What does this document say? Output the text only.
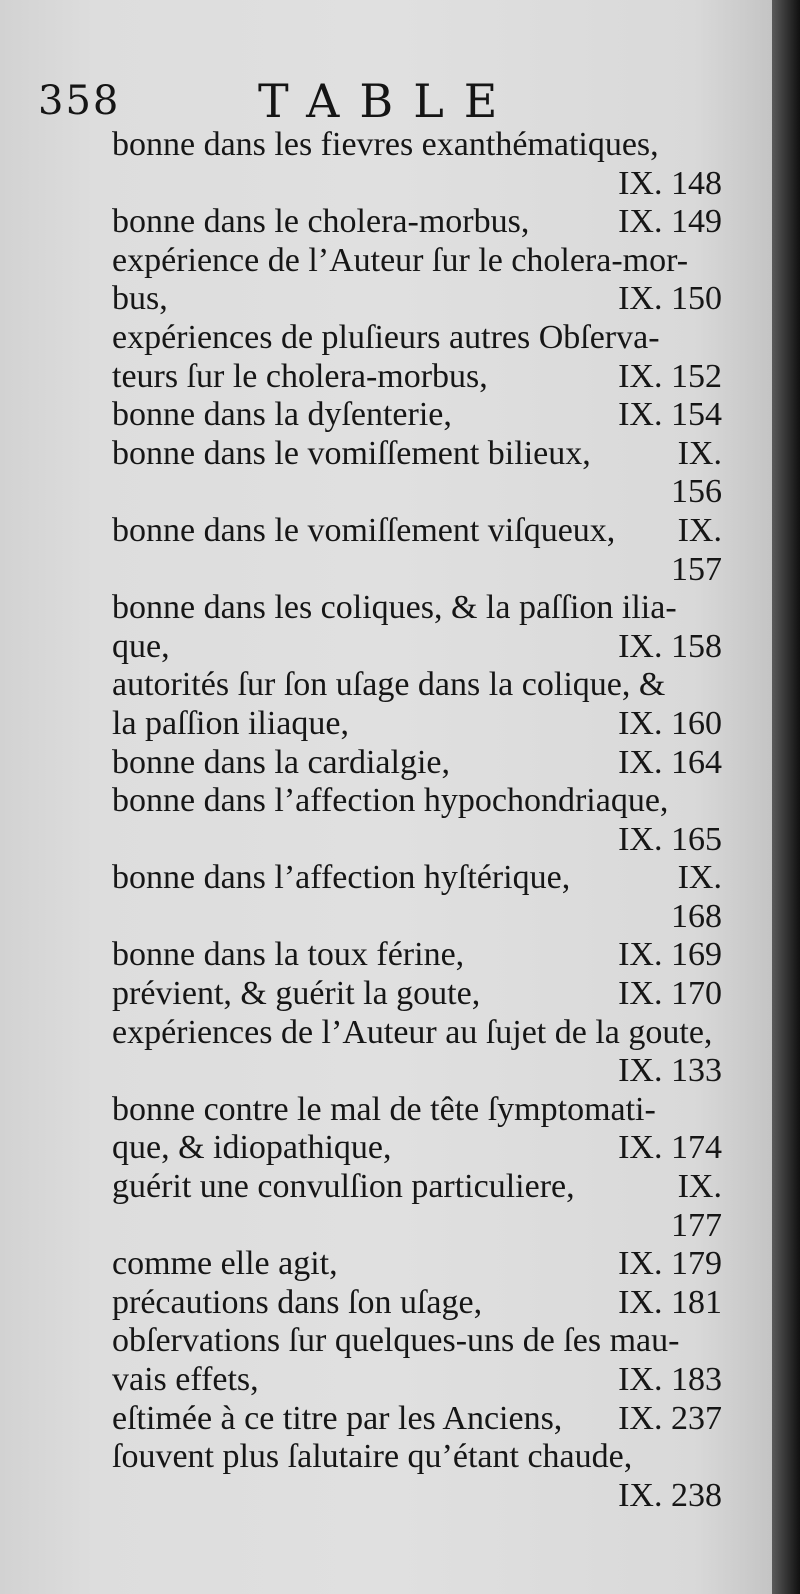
358	TABLE
bonne dans les fievres exanthématiques,
IX. 148
bonne dans le cholera-morbus,	IX. 149
expérience de l’Auteur ſur le cholera-mor-
bus,	IX. 150
expériences de pluſieurs autres Obſerva-
teurs ſur le cholera-morbus,	IX. 152
bonne dans la dyſenterie,	IX. 154
bonne dans le vomiſſement bilieux,	IX.
156
bonne dans le vomiſſement viſqueux, IX.
157
bonne dans les coliques, & la paſſion ilia-
que,	IX. 158
autorités ſur ſon uſage dans la colique, &
la paſſion iliaque,	IX. 160
bonne dans la cardialgie,	IX. 164
bonne dans l’affection hypochondriaque,
IX. 165
bonne dans l’affection hyſtérique,	IX.
168
bonne dans la toux férine,	IX. 169
prévient, & guérit la goute,	IX. 170
expériences de l’Auteur au ſujet de la goute,
IX. 133
bonne contre le mal de tête ſymptomati-
que, & idiopathique,	IX. 174
guérit une convulſion particuliere,	IX.
177
comme elle agit,	IX. 179
précautions dans ſon uſage,	IX. 181
obſervations ſur quelques-uns de ſes mau-
vais effets,	IX. 183
eſtimée à ce titre par les Anciens, IX. 237
ſouvent plus ſalutaire qu’étant chaude,
IX. 238
